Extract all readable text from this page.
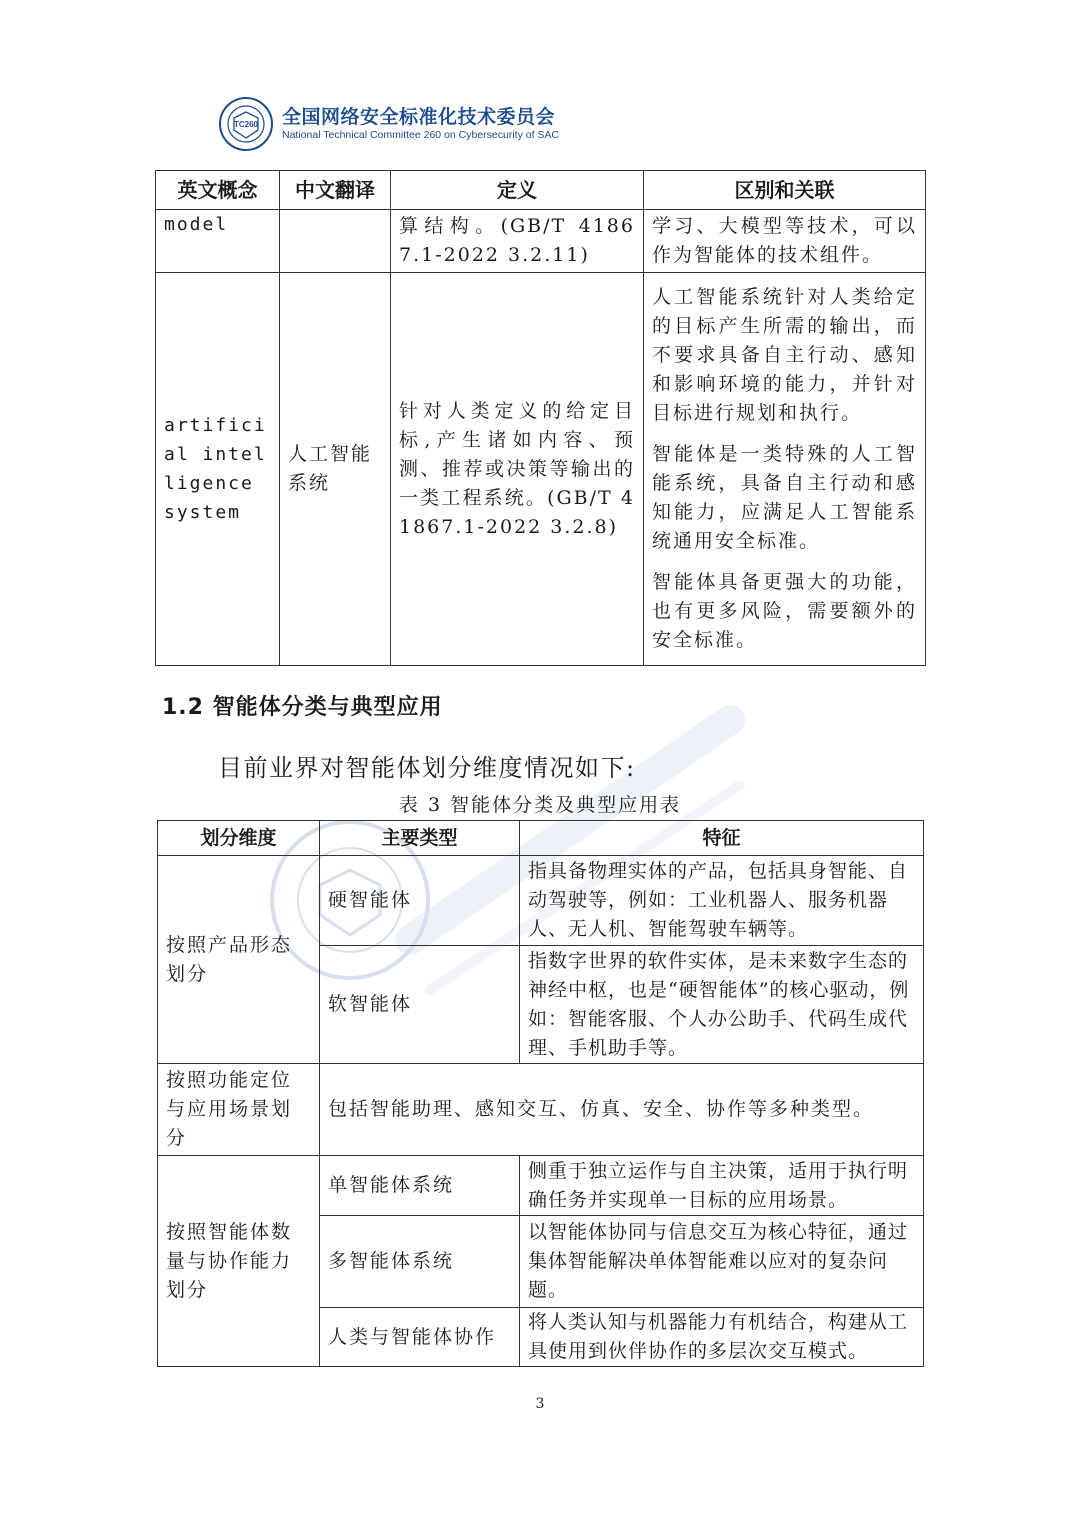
TC260 全国网络安全标准化技术委员会
National Technical Committee 260 on Cybersecurity of SAC
英文概念	中文翻译	定义	区别和关联
model		算结构。(GB/T 41867.1-2022 3.2.11)	学习、大模型等技术，可以作为智能体的技术组件。
artificial intelligence system	人工智能系统	针对人类定义的给定目标,产生诸如内容、预测、推荐或决策等输出的一类工程系统。(GB/T 41867.1-2022 3.2.8)	人工智能系统针对人类给定的目标产生所需的输出，而不要求具备自主行动、感知和影响环境的能力，并针对目标进行规划和执行。

智能体是一类特殊的人工智能系统，具备自主行动和感知能力，应满足人工智能系统通用安全标准。

智能体具备更强大的功能，也有更多风险，需要额外的安全标准。

1.2 智能体分类与典型应用
目前业界对智能体划分维度情况如下:
表 3 智能体分类及典型应用表
划分维度	主要类型	特征
按照产品形态划分	硬智能体	指具备物理实体的产品，包括具身智能、自动驾驶等，例如：工业机器人、服务机器人、无人机、智能驾驶车辆等。
	软智能体	指数字世界的软件实体，是未来数字生态的神经中枢，也是“硬智能体”的核心驱动，例如：智能客服、个人办公助手、代码生成代理、手机助手等。
按照功能定位与应用场景划分	包括智能助理、感知交互、仿真、安全、协作等多种类型。	
按照智能体数量与协作能力划分	单智能体系统	侧重于独立运作与自主决策，适用于执行明确任务并实现单一目标的应用场景。
	多智能体系统	以智能体协同与信息交互为核心特征，通过集体智能解决单体智能难以应对的复杂问题。
	人类与智能体协作	将人类认知与机器能力有机结合，构建从工具使用到伙伴协作的多层次交互模式。
3
